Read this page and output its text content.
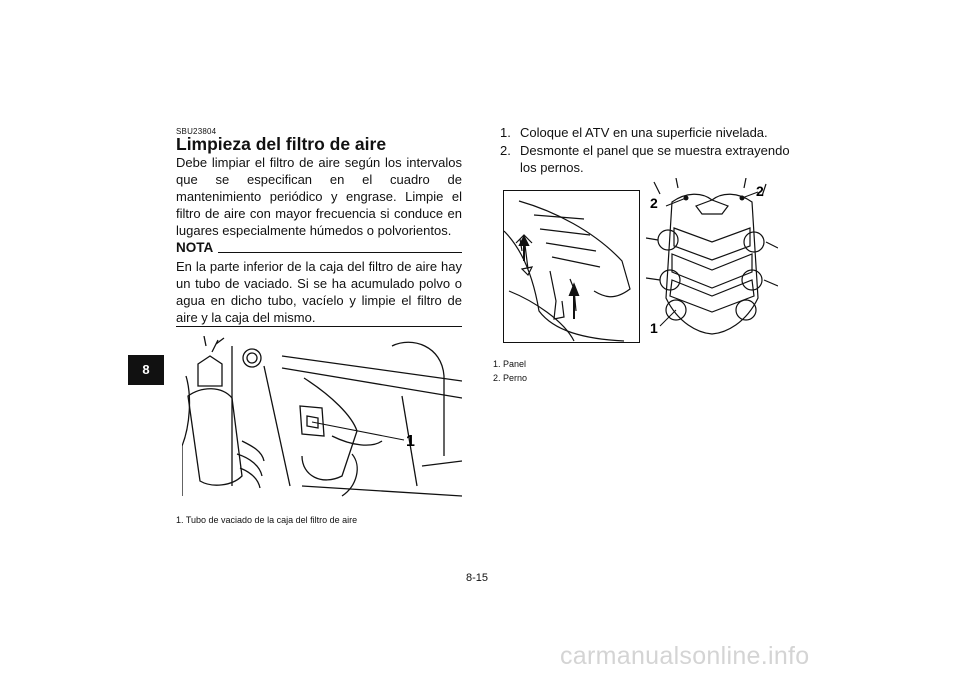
8
SBU23804
Limpieza del filtro de aire

Debe limpiar el filtro de aire según los intervalos que se especifican en el cuadro de mantenimiento periódico y engrase. Limpie el filtro de aire con mayor frecuencia si conduce en lugares especialmente húmedos o polvorientos.

NOTA

En la parte inferior de la caja del filtro de aire hay un tubo de vaciado. Si se ha acumulado polvo o agua en dicho tubo, vacíelo y limpie el filtro de aire y la caja del mismo.

1
1. Tubo de vaciado de la caja del filtro de aire
1. Coloque el ATV en una superficie nivelada.
2. Desmonte el panel que se muestra extrayendo los pernos.
2
2
1
1. Panel
2. Perno
8-15
carmanualsonline.info
